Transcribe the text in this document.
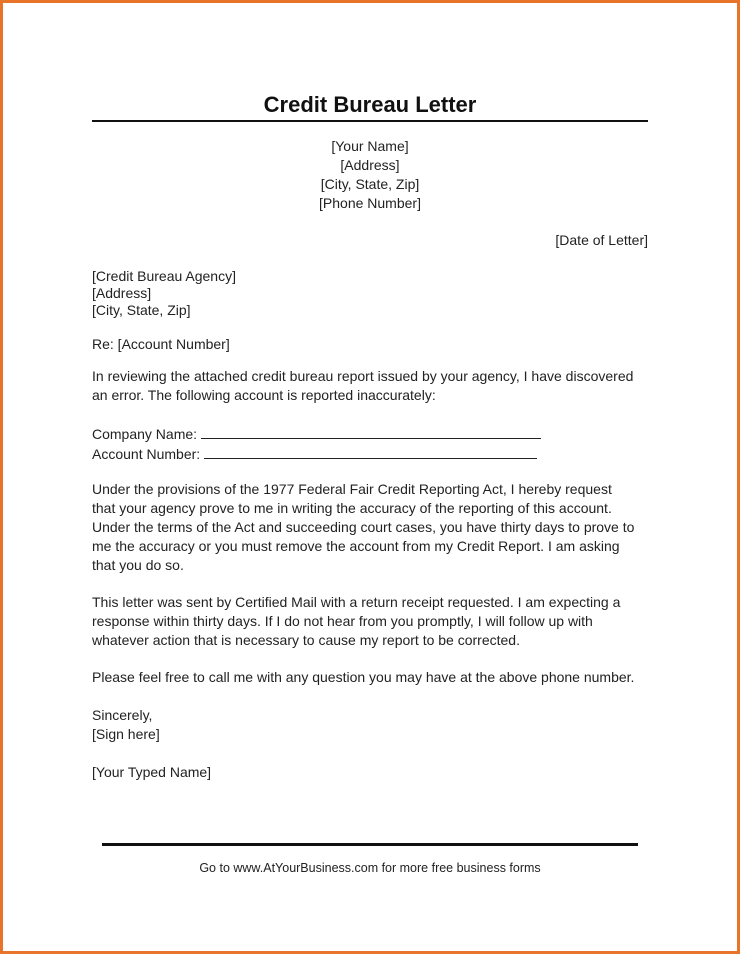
Credit Bureau Letter
[Your Name]
[Address]
[City, State, Zip]
[Phone Number]
[Date of Letter]
[Credit Bureau Agency]
[Address]
[City, State, Zip]
Re: [Account Number]
In reviewing the attached credit bureau report issued by your agency, I have discovered
an error. The following account is reported inaccurately:
Company Name:
Account Number:
Under the provisions of the 1977 Federal Fair Credit Reporting Act, I hereby request
that your agency prove to me in writing the accuracy of the reporting of this account.
Under the terms of the Act and succeeding court cases, you have thirty days to prove to
me the accuracy or you must remove the account from my Credit Report. I am asking
that you do so.
This letter was sent by Certified Mail with a return receipt requested. I am expecting a
response within thirty days. If I do not hear from you promptly, I will follow up with
whatever action that is necessary to cause my report to be corrected.
Please feel free to call me with any question you may have at the above phone number.
Sincerely,
[Sign here]
[Your Typed Name]
Go to www.AtYourBusiness.com for more free business forms
